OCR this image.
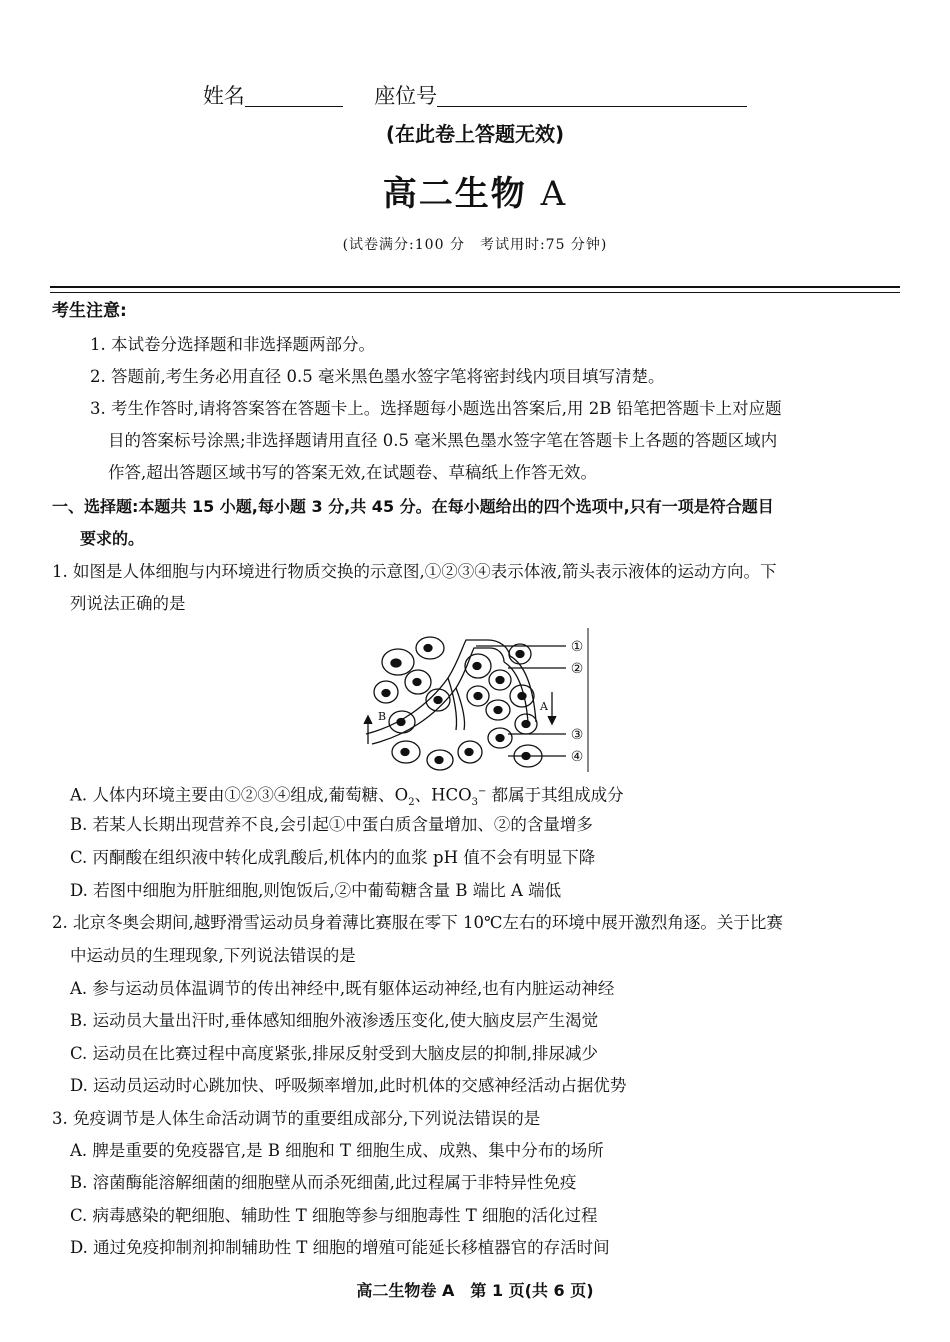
姓名	座位号
(在此卷上答题无效)
高二生物 A
(试卷满分:100 分　考试用时:75 分钟)
考生注意:
1. 本试卷分选择题和非选择题两部分。
2. 答题前,考生务必用直径 0.5 毫米黑色墨水签字笔将密封线内项目填写清楚。
3. 考生作答时,请将答案答在答题卡上。选择题每小题选出答案后,用 2B 铅笔把答题卡上对应题
目的答案标号涂黑;非选择题请用直径 0.5 毫米黑色墨水签字笔在答题卡上各题的答题区域内
作答,超出答题区域书写的答案无效,在试题卷、草稿纸上作答无效。
一、选择题:本题共 15 小题,每小题 3 分,共 45 分。在每小题给出的四个选项中,只有一项是符合题目
要求的。
1. 如图是人体细胞与内环境进行物质交换的示意图,①②③④表示体液,箭头表示液体的运动方向。下
列说法正确的是
①
②
③
④
B
A
A. 人体内环境主要由①②③④组成,葡萄糖、$O_2$、$HCO_3^-$ 都属于其组成成分
B. 若某人长期出现营养不良,会引起①中蛋白质含量增加、②的含量增多
C. 丙酮酸在组织液中转化成乳酸后,机体内的血浆 pH 值不会有明显下降
D. 若图中细胞为肝脏细胞,则饱饭后,②中葡萄糖含量 B 端比 A 端低
2. 北京冬奥会期间,越野滑雪运动员身着薄比赛服在零下 10℃左右的环境中展开激烈角逐。关于比赛
中运动员的生理现象,下列说法错误的是
A. 参与运动员体温调节的传出神经中,既有躯体运动神经,也有内脏运动神经
B. 运动员大量出汗时,垂体感知细胞外液渗透压变化,使大脑皮层产生渴觉
C. 运动员在比赛过程中高度紧张,排尿反射受到大脑皮层的抑制,排尿减少
D. 运动员运动时心跳加快、呼吸频率增加,此时机体的交感神经活动占据优势
3. 免疫调节是人体生命活动调节的重要组成部分,下列说法错误的是
A. 脾是重要的免疫器官,是 B 细胞和 T 细胞生成、成熟、集中分布的场所
B. 溶菌酶能溶解细菌的细胞壁从而杀死细菌,此过程属于非特异性免疫
C. 病毒感染的靶细胞、辅助性 T 细胞等参与细胞毒性 T 细胞的活化过程
D. 通过免疫抑制剂抑制辅助性 T 细胞的增殖可能延长移植器官的存活时间
高二生物卷 A　第 1 页(共 6 页)
